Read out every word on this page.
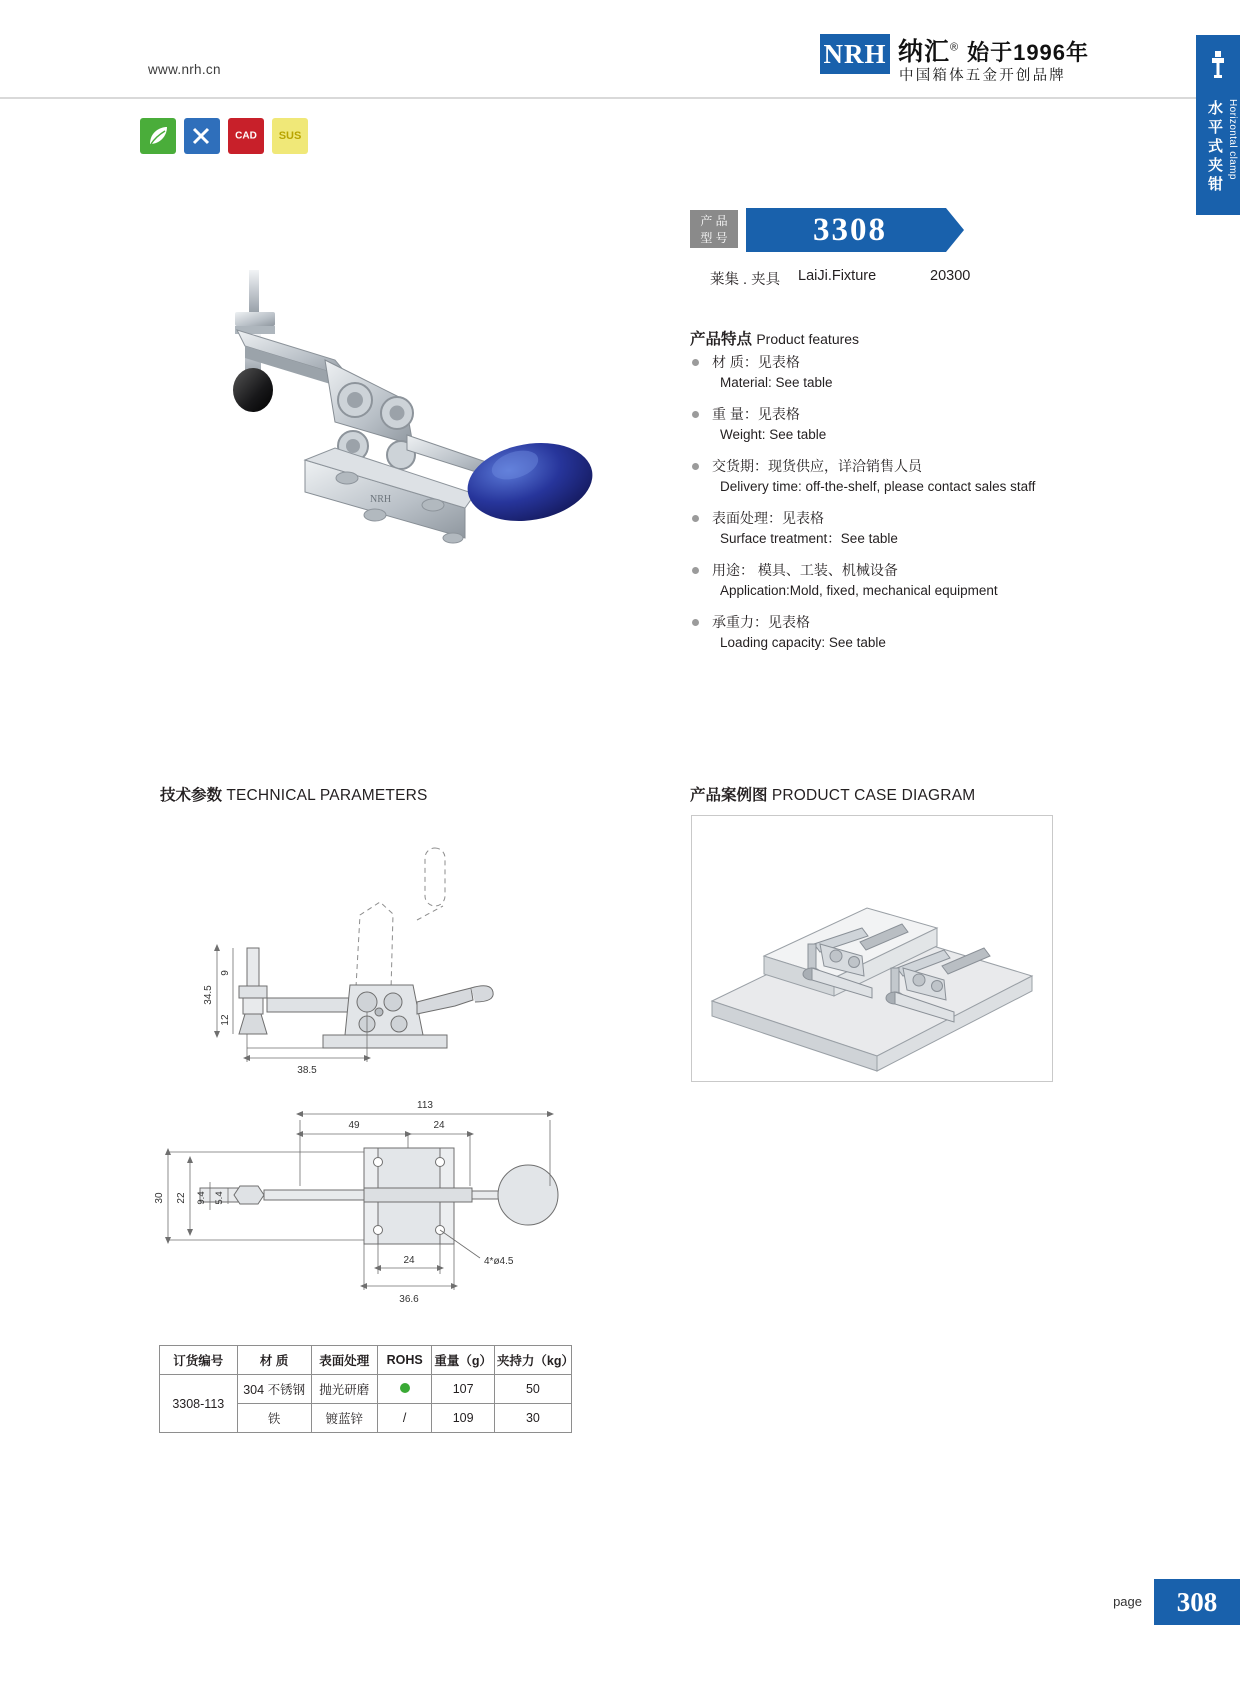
www.nrh.cn
NRH 纳汇® 始于1996年
中国箱体五金开创品牌
水平式夹钳
Horizontal clamp
CAD	SUS
NRH
产 品
型 号	3308
莱集 . 夹具 LaiJi.Fixture	20300
产品特点 Product features
材 质：见表格
Material: See table
重 量：见表格
Weight: See table
交货期：现货供应，详洽销售人员
Delivery time: off-the-shelf, please contact sales staff
表面处理：见表格
Surface treatment：See table
用途： 模具、工装、机械设备
Application:Mold, fixed, mechanical equipment
承重力：见表格
Loading capacity: See table
技术参数 TECHNICAL PARAMETERS	产品案例图 PRODUCT CASE DIAGRAM
34.5
9
12
38.5
113
49	24
30 22 9.4 5.4
24
36.6
4*ø4.5
订货编号	材 质	表面处理	ROHS	重量（g）	夹持力（kg）
3308-113	304 不锈钢	抛光研磨		107	50
	铁	镀蓝锌	/	109	30
page	308
